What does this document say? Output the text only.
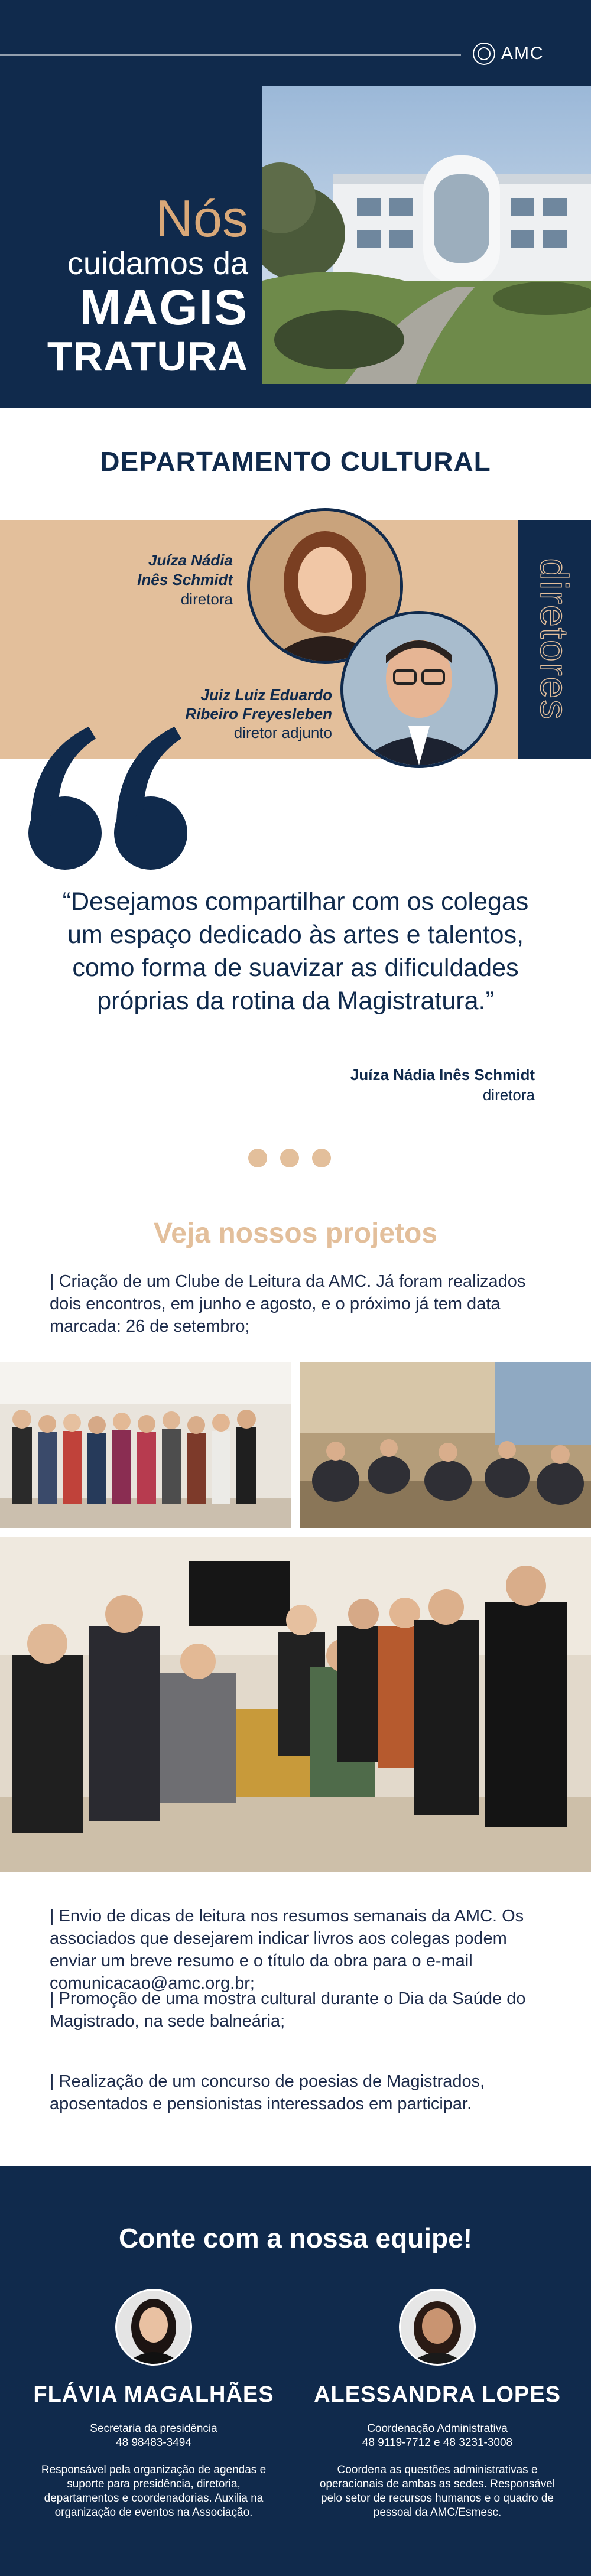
AMC
Nós
cuidamos da
MAGIS
TRATURA
DEPARTAMENTO CULTURAL
diretores
Juíza Nádia
Inês Schmidt
diretora
Juiz Luiz Eduardo
Ribeiro Freyesleben
diretor adjunto

“Desejamos compartilhar com os colegas um espaço dedicado às artes e talentos, como forma de suavizar as dificuldades próprias da rotina da Magistratura.”

Juíza Nádia Inês Schmidt
diretora
Veja nossos projetos

| Criação de um Clube de Leitura da AMC. Já foram realizados dois encontros, em junho e agosto, e o próximo já tem data marcada: 26 de setembro;

| Envio de dicas de leitura nos resumos semanais da AMC. Os associados que desejarem indicar livros aos colegas podem enviar um breve resumo e o título da obra para o e-mail comunicacao@amc.org.br;

| Promoção de uma mostra cultural durante o Dia da Saúde do Magistrado, na sede balneária;

| Realização de um concurso de poesias de Magistrados, aposentados e pensionistas interessados em participar.

Conte com a nossa equipe!
FLÁVIA MAGALHÃES
Secretaria da presidência
48 98483-3494

Responsável pela organização de agendas e suporte para presidência, diretoria, departamentos e coordenadorias. Auxilia na organização de eventos na Associação.

ALESSANDRA LOPES
Coordenação Administrativa
48 9119-7712 e 48 3231-3008

Coordena as questões administrativas e operacionais de ambas as sedes. Responsável pelo setor de recursos humanos e o quadro de pessoal da AMC/Esmesc.
